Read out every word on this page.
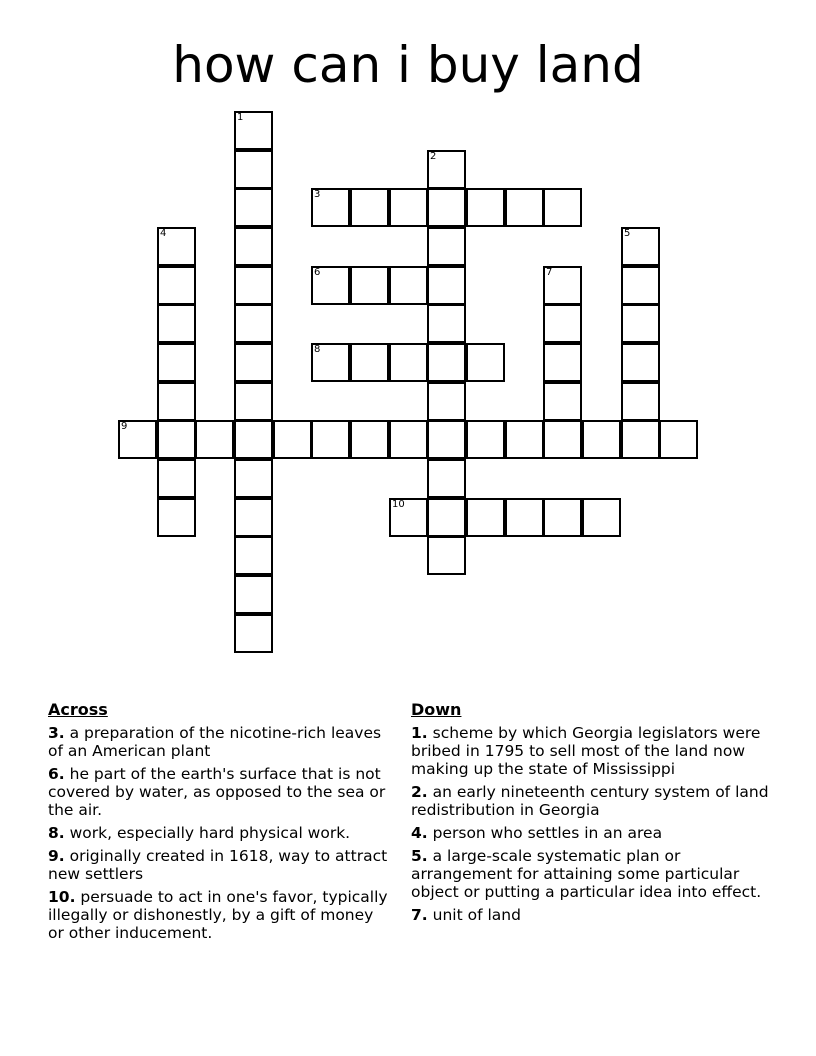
how can i buy land
1
2
3
4	5
6	7
8
9
10
Across
3. a preparation of the nicotine-rich leaves of an American plant
6. he part of the earth's surface that is not covered by water, as opposed to the sea or the air.
8. work, especially hard physical work.
9. originally created in 1618, way to attract new settlers
10. persuade to act in one's favor, typically illegally or dishonestly, by a gift of money or other inducement.
Down
1. scheme by which Georgia legislators were bribed in 1795 to sell most of the land now making up the state of Mississippi
2. an early nineteenth century system of land redistribution in Georgia
4. person who settles in an area
5. a large-scale systematic plan or arrangement for attaining some particular object or putting a particular idea into effect.
7. unit of land
